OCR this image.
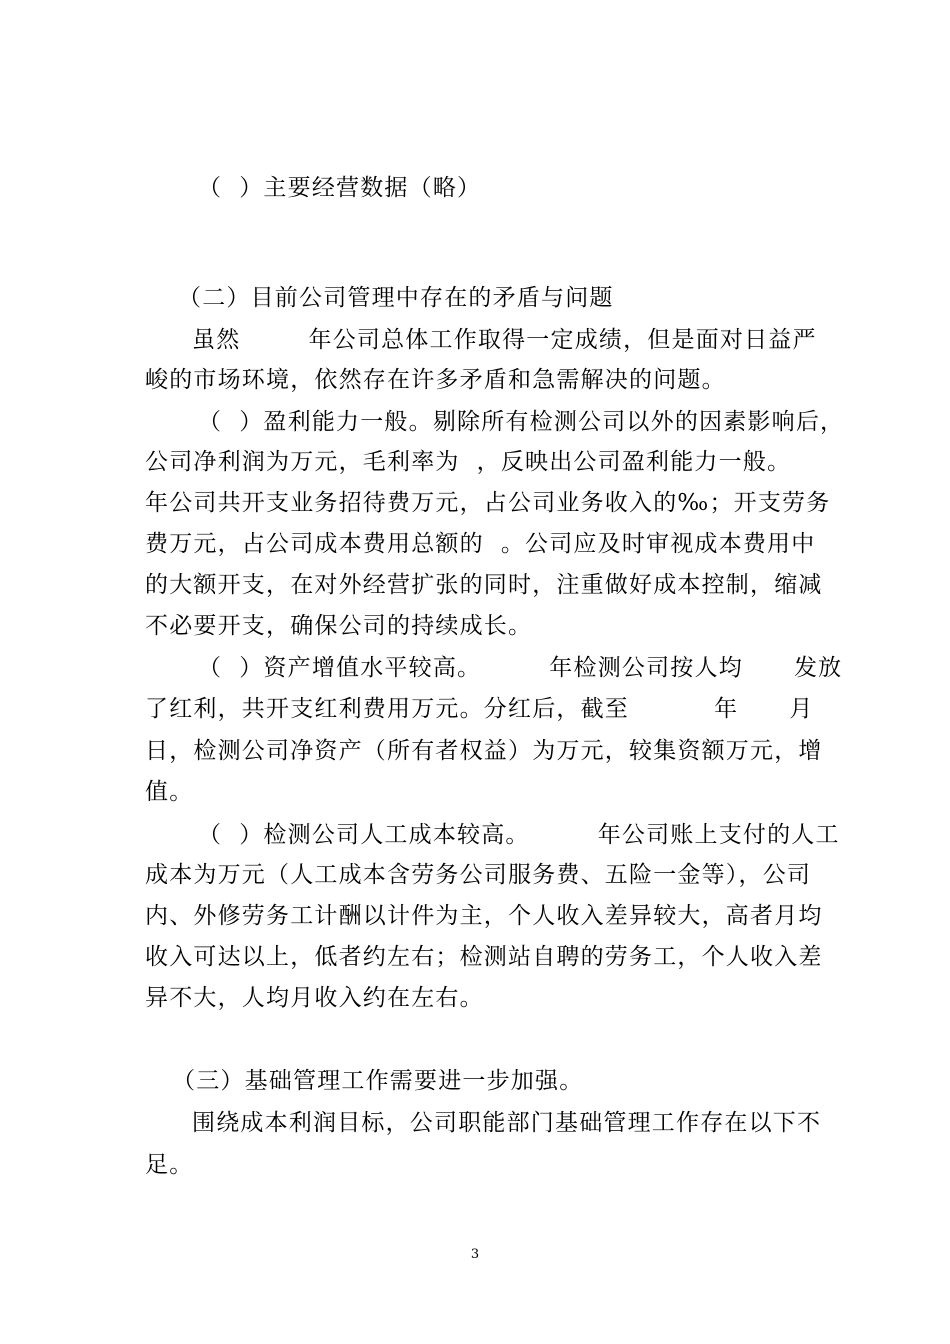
（  ）主要经营数据（略）
（二）目前公司管理中存在的矛盾与问题
虽然        年公司总体工作取得一定成绩，但是面对日益严
峻的市场环境，依然存在许多矛盾和急需解决的问题。
（  ）盈利能力一般。剔除所有检测公司以外的因素影响后，
公司净利润为万元，毛利率为  ，反映出公司盈利能力一般。
年公司共开支业务招待费万元，占公司业务收入的‰；开支劳务
费万元，占公司成本费用总额的  。公司应及时审视成本费用中
的大额开支，在对外经营扩张的同时，注重做好成本控制，缩减
不必要开支，确保公司的持续成长。
（  ）资产增值水平较高。        年检测公司按人均      发放
了红利，共开支红利费用万元。分红后，截至          年      月
日，检测公司净资产（所有者权益）为万元，较集资额万元，增
值。
（  ）检测公司人工成本较高。        年公司账上支付的人工
成本为万元（人工成本含劳务公司服务费、五险一金等），公司
内、外修劳务工计酬以计件为主，个人收入差异较大，高者月均
收入可达以上，低者约左右；检测站自聘的劳务工，个人收入差
异不大，人均月收入约在左右。
（三）基础管理工作需要进一步加强。
围绕成本利润目标，公司职能部门基础管理工作存在以下不
足。
3
